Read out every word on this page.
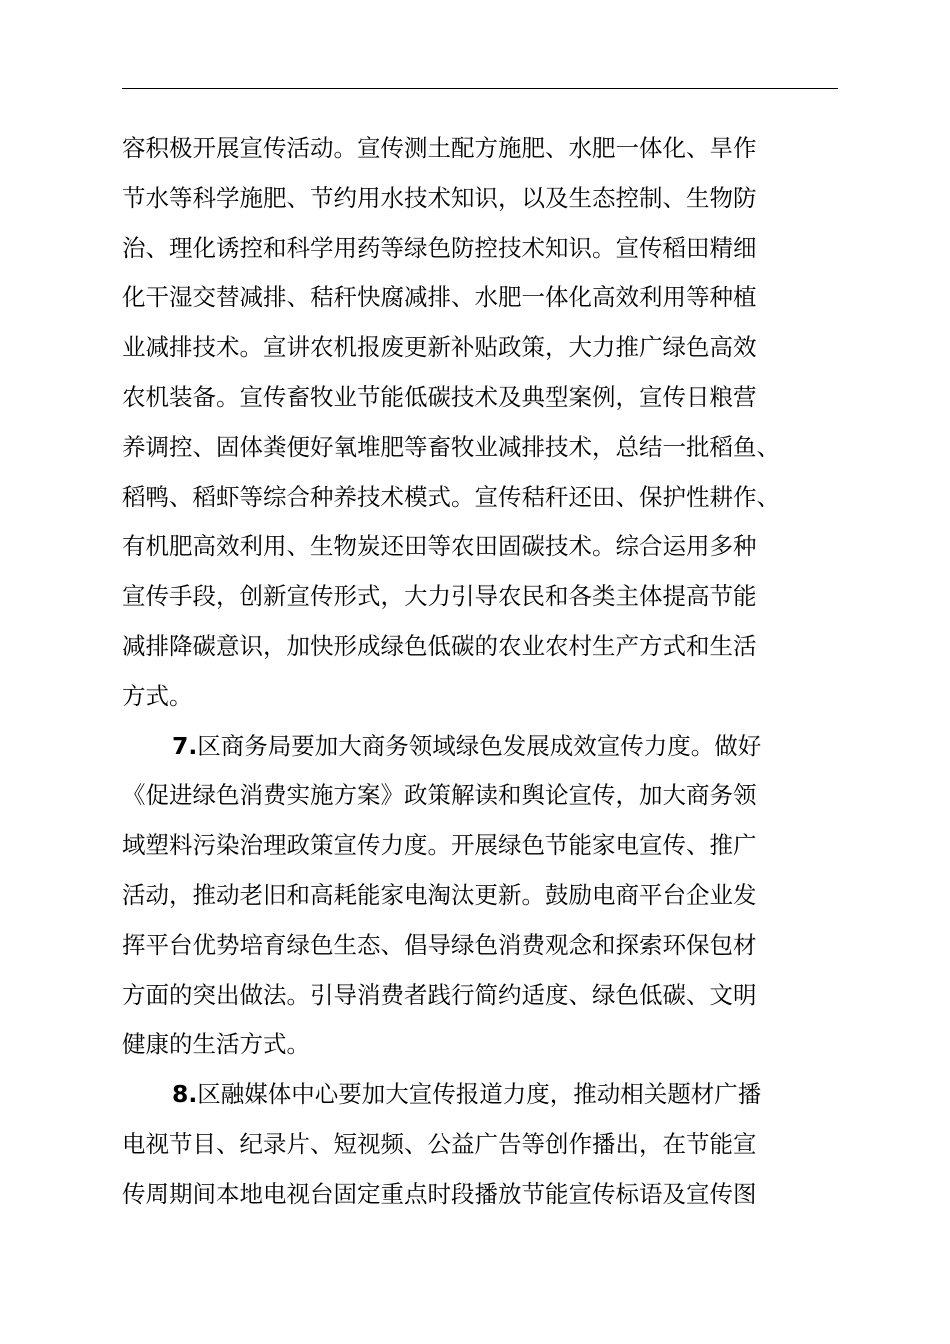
容积极开展宣传活动。宣传测土配方施肥、水肥一体化、旱作
节水等科学施肥、节约用水技术知识，以及生态控制、生物防
治、理化诱控和科学用药等绿色防控技术知识。宣传稻田精细
化干湿交替减排、秸秆快腐减排、水肥一体化高效利用等种植
业减排技术。宣讲农机报废更新补贴政策，大力推广绿色高效
农机装备。宣传畜牧业节能低碳技术及典型案例，宣传日粮营
养调控、固体粪便好氧堆肥等畜牧业减排技术，总结一批稻鱼、
稻鸭、稻虾等综合种养技术模式。宣传秸秆还田、保护性耕作、
有机肥高效利用、生物炭还田等农田固碳技术。综合运用多种
宣传手段，创新宣传形式，大力引导农民和各类主体提高节能
减排降碳意识，加快形成绿色低碳的农业农村生产方式和生活
方式。
7.区商务局要加大商务领域绿色发展成效宣传力度。做好
《促进绿色消费实施方案》政策解读和舆论宣传，加大商务领
域塑料污染治理政策宣传力度。开展绿色节能家电宣传、推广
活动，推动老旧和高耗能家电淘汰更新。鼓励电商平台企业发
挥平台优势培育绿色生态、倡导绿色消费观念和探索环保包材
方面的突出做法。引导消费者践行简约适度、绿色低碳、文明
健康的生活方式。
8.区融媒体中心要加大宣传报道力度，推动相关题材广播
电视节目、纪录片、短视频、公益广告等创作播出，在节能宣
传周期间本地电视台固定重点时段播放节能宣传标语及宣传图
